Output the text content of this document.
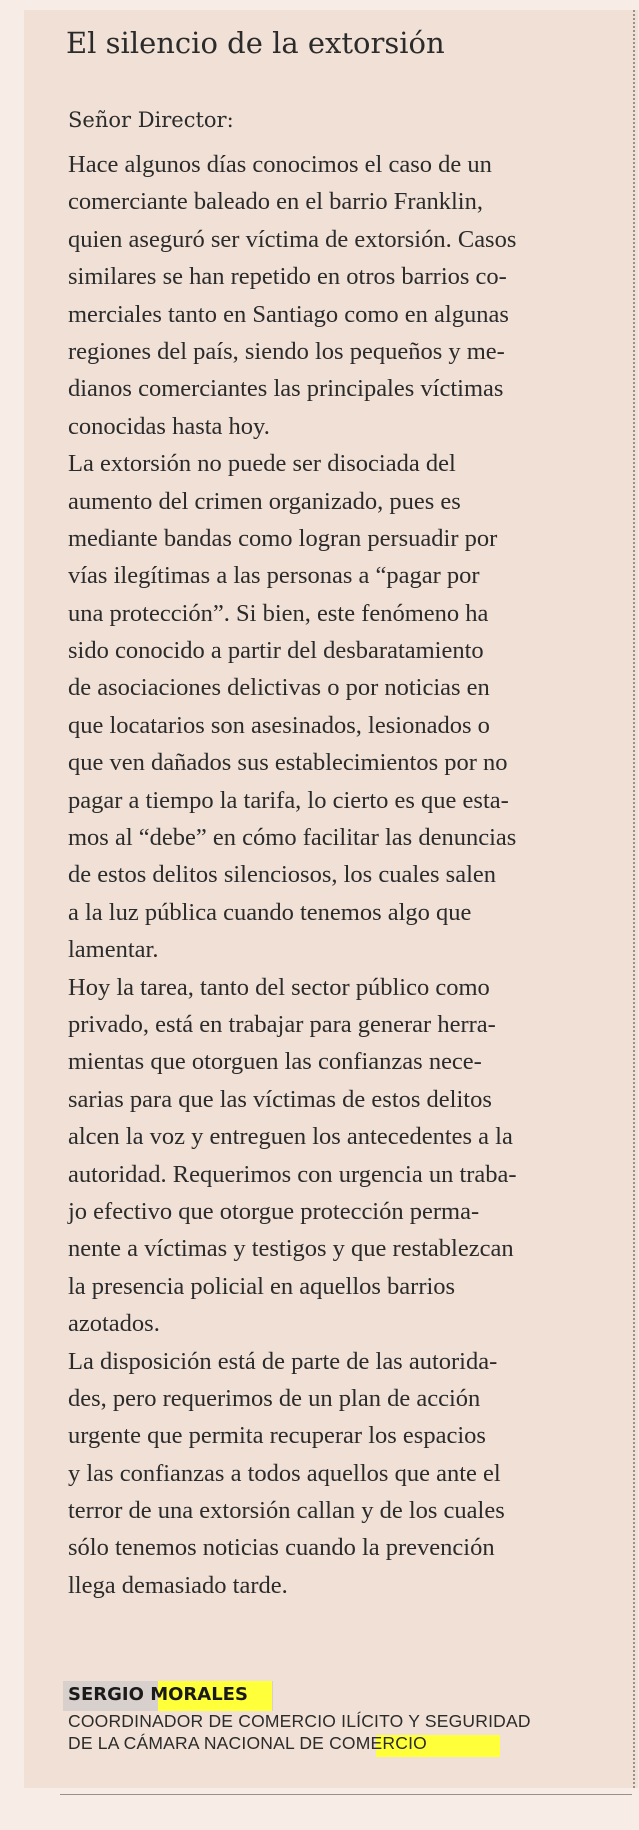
El silencio de la extorsión
Señor Director:
Hace algunos días conocimos el caso de un
comerciante baleado en el barrio Franklin,
quien aseguró ser víctima de extorsión. Casos
similares se han repetido en otros barrios co-
merciales tanto en Santiago como en algunas
regiones del país, siendo los pequeños y me-
dianos comerciantes las principales víctimas
conocidas hasta hoy.
La extorsión no puede ser disociada del
aumento del crimen organizado, pues es
mediante bandas como logran persuadir por
vías ilegítimas a las personas a “pagar por
una protección”. Si bien, este fenómeno ha
sido conocido a partir del desbaratamiento
de asociaciones delictivas o por noticias en
que locatarios son asesinados, lesionados o
que ven dañados sus establecimientos por no
pagar a tiempo la tarifa, lo cierto es que esta-
mos al “debe” en cómo facilitar las denuncias
de estos delitos silenciosos, los cuales salen
a la luz pública cuando tenemos algo que
lamentar.
Hoy la tarea, tanto del sector público como
privado, está en trabajar para generar herra-
mientas que otorguen las confianzas nece-
sarias para que las víctimas de estos delitos
alcen la voz y entreguen los antecedentes a la
autoridad. Requerimos con urgencia un traba-
jo efectivo que otorgue protección perma-
nente a víctimas y testigos y que restablezcan
la presencia policial en aquellos barrios
azotados.
La disposición está de parte de las autorida-
des, pero requerimos de un plan de acción
urgente que permita recuperar los espacios
y las confianzas a todos aquellos que ante el
terror de una extorsión callan y de los cuales
sólo tenemos noticias cuando la prevención
llega demasiado tarde.
SERGIO MORALES
COORDINADOR DE COMERCIO ILÍCITO Y SEGURIDAD
DE LA CÁMARA NACIONAL DE COMERCIO
